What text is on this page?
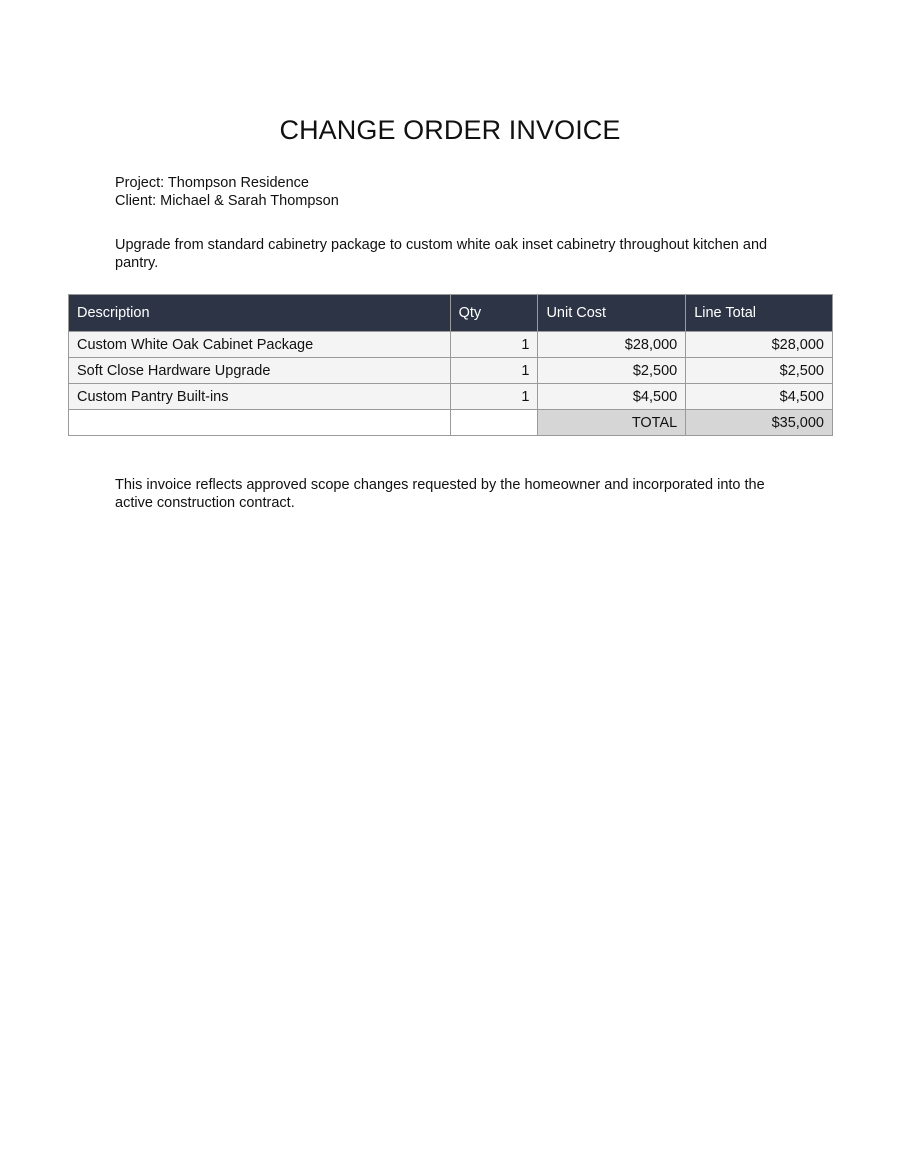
CHANGE ORDER INVOICE
Project: Thompson Residence
Client: Michael & Sarah Thompson
Upgrade from standard cabinetry package to custom white oak inset cabinetry throughout kitchen and pantry.
Description	Qty	Unit Cost	Line Total
Custom White Oak Cabinet Package	1	$28,000	$28,000
Soft Close Hardware Upgrade	1	$2,500	$2,500
Custom Pantry Built-ins	1	$4,500	$4,500
		TOTAL	$35,000
This invoice reflects approved scope changes requested by the homeowner and incorporated into the active construction contract.
